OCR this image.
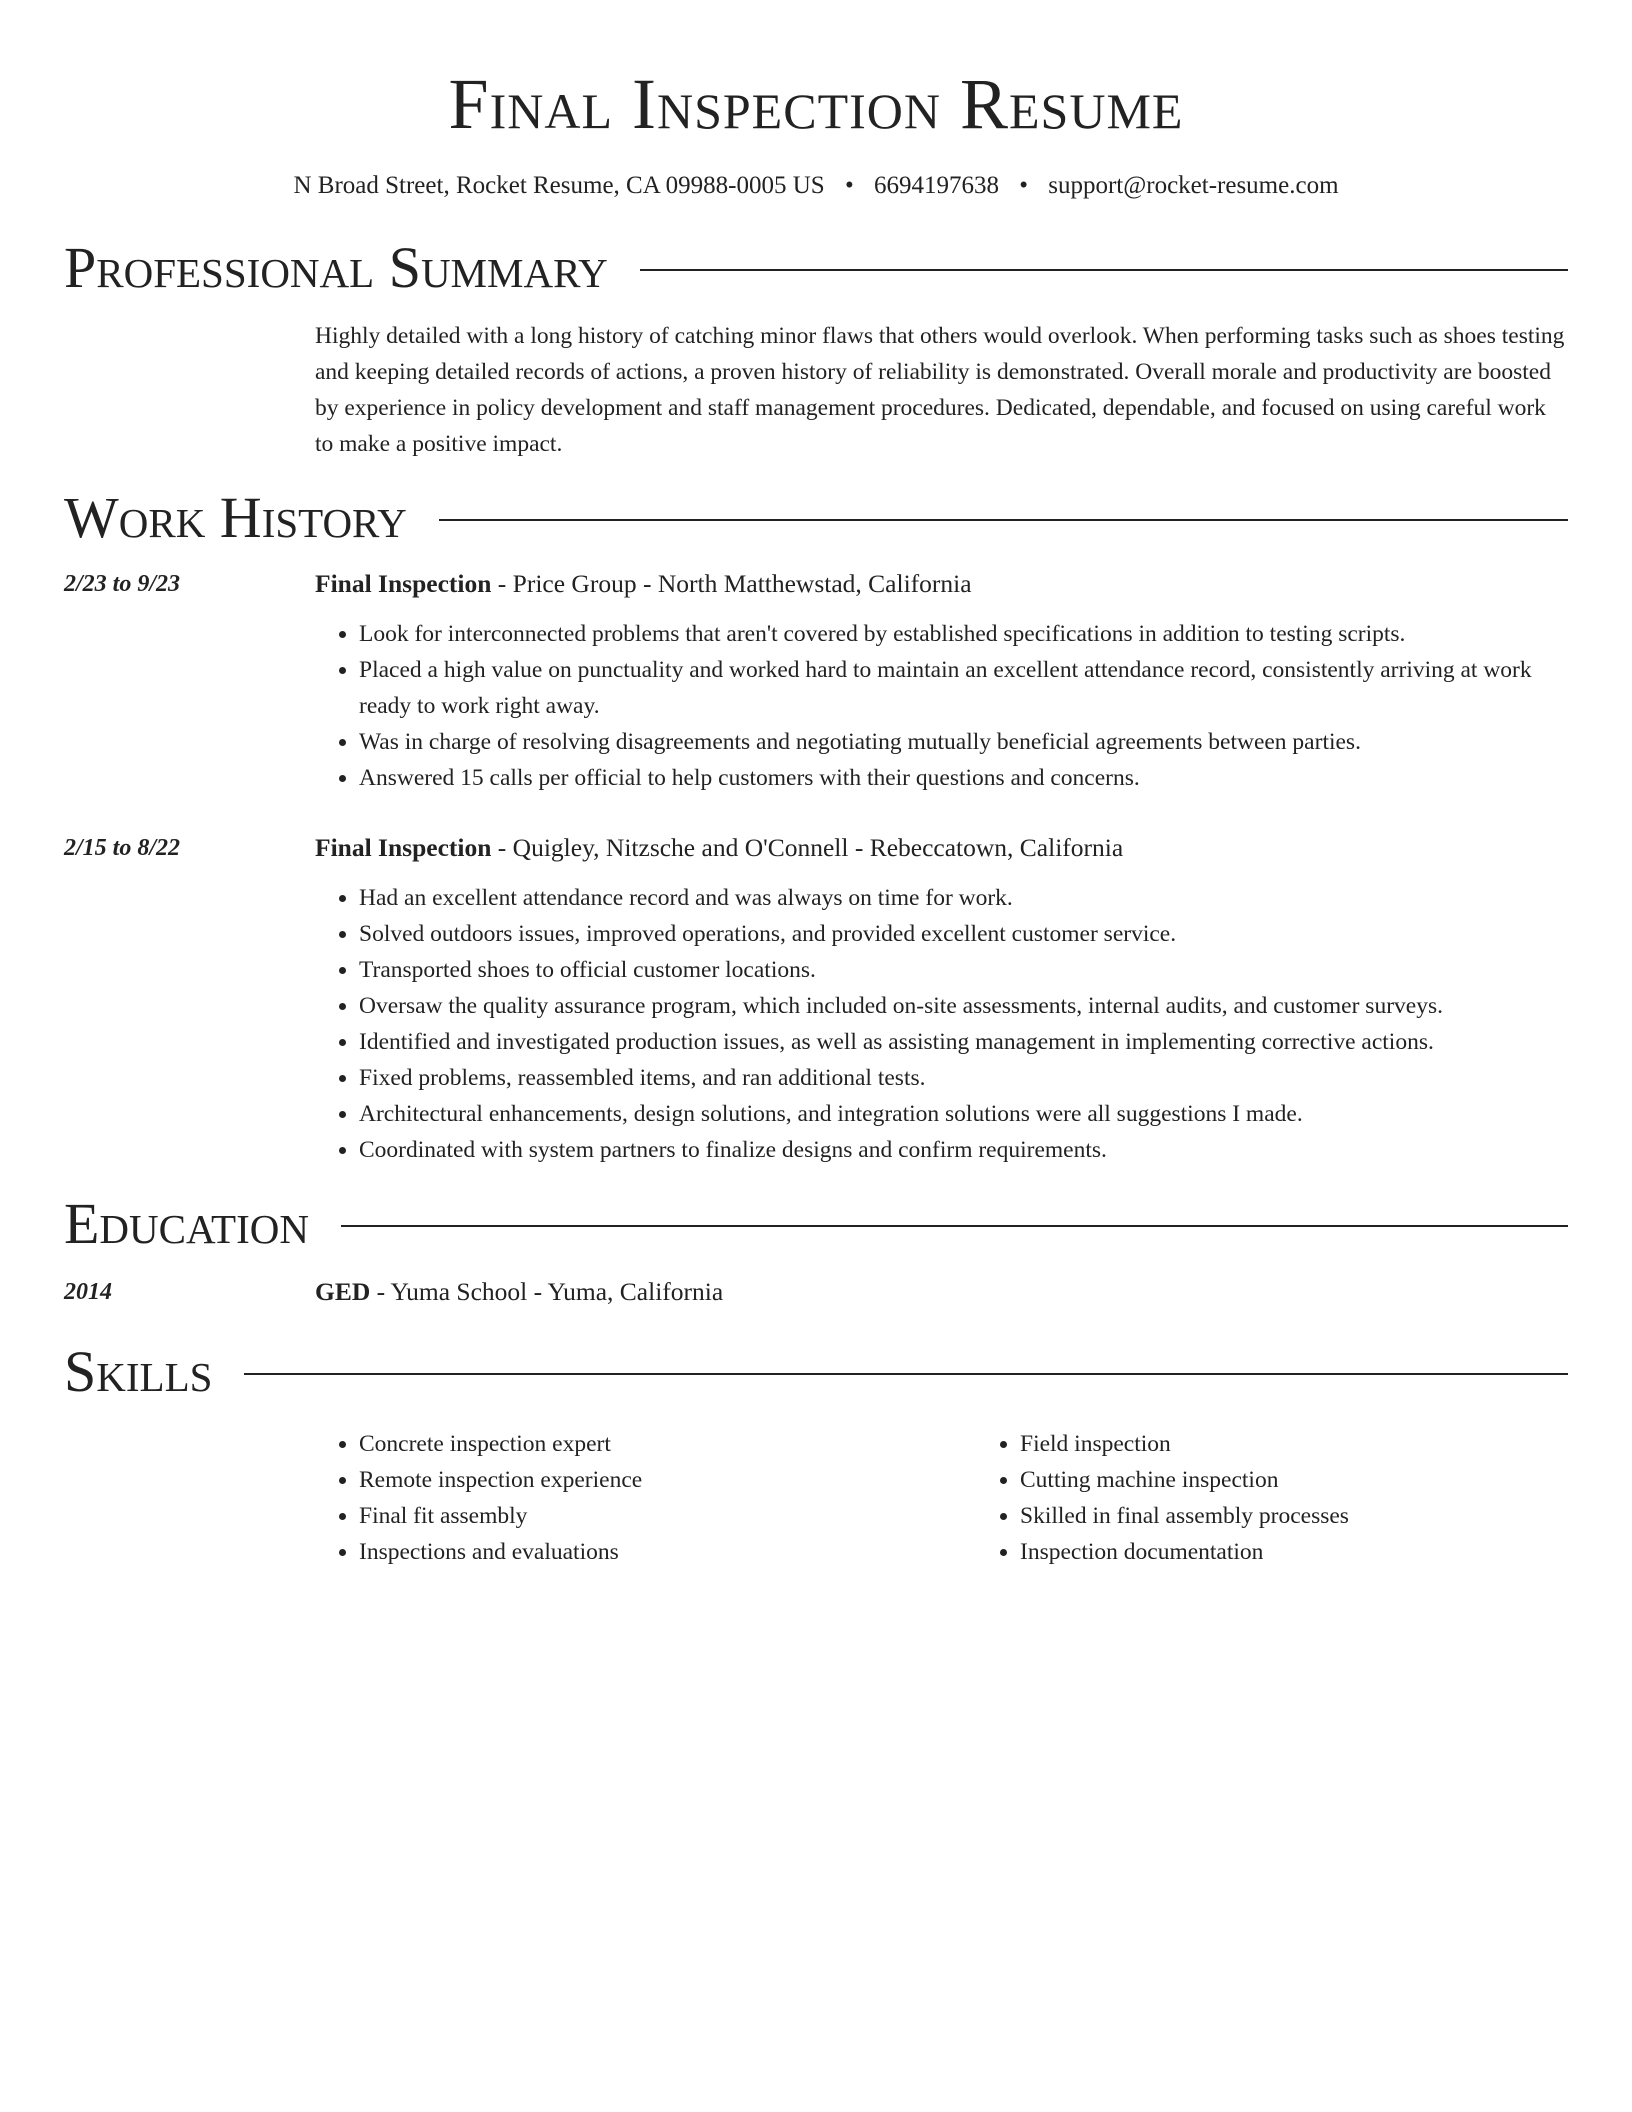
Final Inspection Resume
N Broad Street, Rocket Resume, CA 09988-0005 US • 6694197638 • support@rocket-resume.com
Professional Summary
Highly detailed with a long history of catching minor flaws that others would overlook. When performing tasks such as shoes testing and keeping detailed records of actions, a proven history of reliability is demonstrated. Overall morale and productivity are boosted by experience in policy development and staff management procedures. Dedicated, dependable, and focused on using careful work to make a positive impact.
Work History
2/23 to 9/23	Final Inspection - Price Group - North Matthewstad, California
• Look for interconnected problems that aren't covered by established specifications in addition to testing scripts.
• Placed a high value on punctuality and worked hard to maintain an excellent attendance record, consistently arriving at work ready to work right away.
• Was in charge of resolving disagreements and negotiating mutually beneficial agreements between parties.
• Answered 15 calls per official to help customers with their questions and concerns.
2/15 to 8/22	Final Inspection - Quigley, Nitzsche and O'Connell - Rebeccatown, California
• Had an excellent attendance record and was always on time for work.
• Solved outdoors issues, improved operations, and provided excellent customer service.
• Transported shoes to official customer locations.
• Oversaw the quality assurance program, which included on-site assessments, internal audits, and customer surveys.
• Identified and investigated production issues, as well as assisting management in implementing corrective actions.
• Fixed problems, reassembled items, and ran additional tests.
• Architectural enhancements, design solutions, and integration solutions were all suggestions I made.
• Coordinated with system partners to finalize designs and confirm requirements.
Education
2014	GED - Yuma School - Yuma, California
Skills
• Concrete inspection expert
• Remote inspection experience
• Final fit assembly
• Inspections and evaluations
• Field inspection
• Cutting machine inspection
• Skilled in final assembly processes
• Inspection documentation
